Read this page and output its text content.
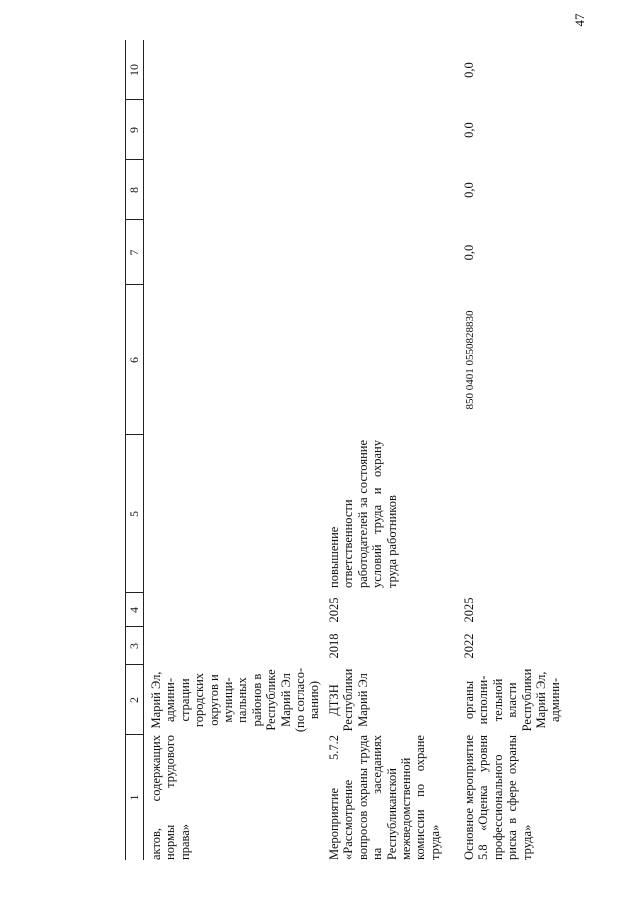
47
1
2
3
4
5
6
7
8
9
10
актов, содержащих нормы трудового права»
Марий Эл, админи-страции городских округов и муници-пальных районов в Республике Марий Эл (по согласо-ванию)
Мероприятие 5.7.2 «Рассмотрение вопросов охраны труда на заседаниях Республиканской межведомственной комиссии по охране труда»
ДТЗН Республики Марий Эл
2018
2025
повышение ответственности работодателей за состояние условий труда и охрану труда работников
Основное мероприятие 5.8 «Оценка уровня профессионального риска в сфере охраны труда»
органы исполни-тельной власти Республики Марий Эл, админи-
2022
2025
850 0401 0550828830
0,0
0,0
0,0
0,0
